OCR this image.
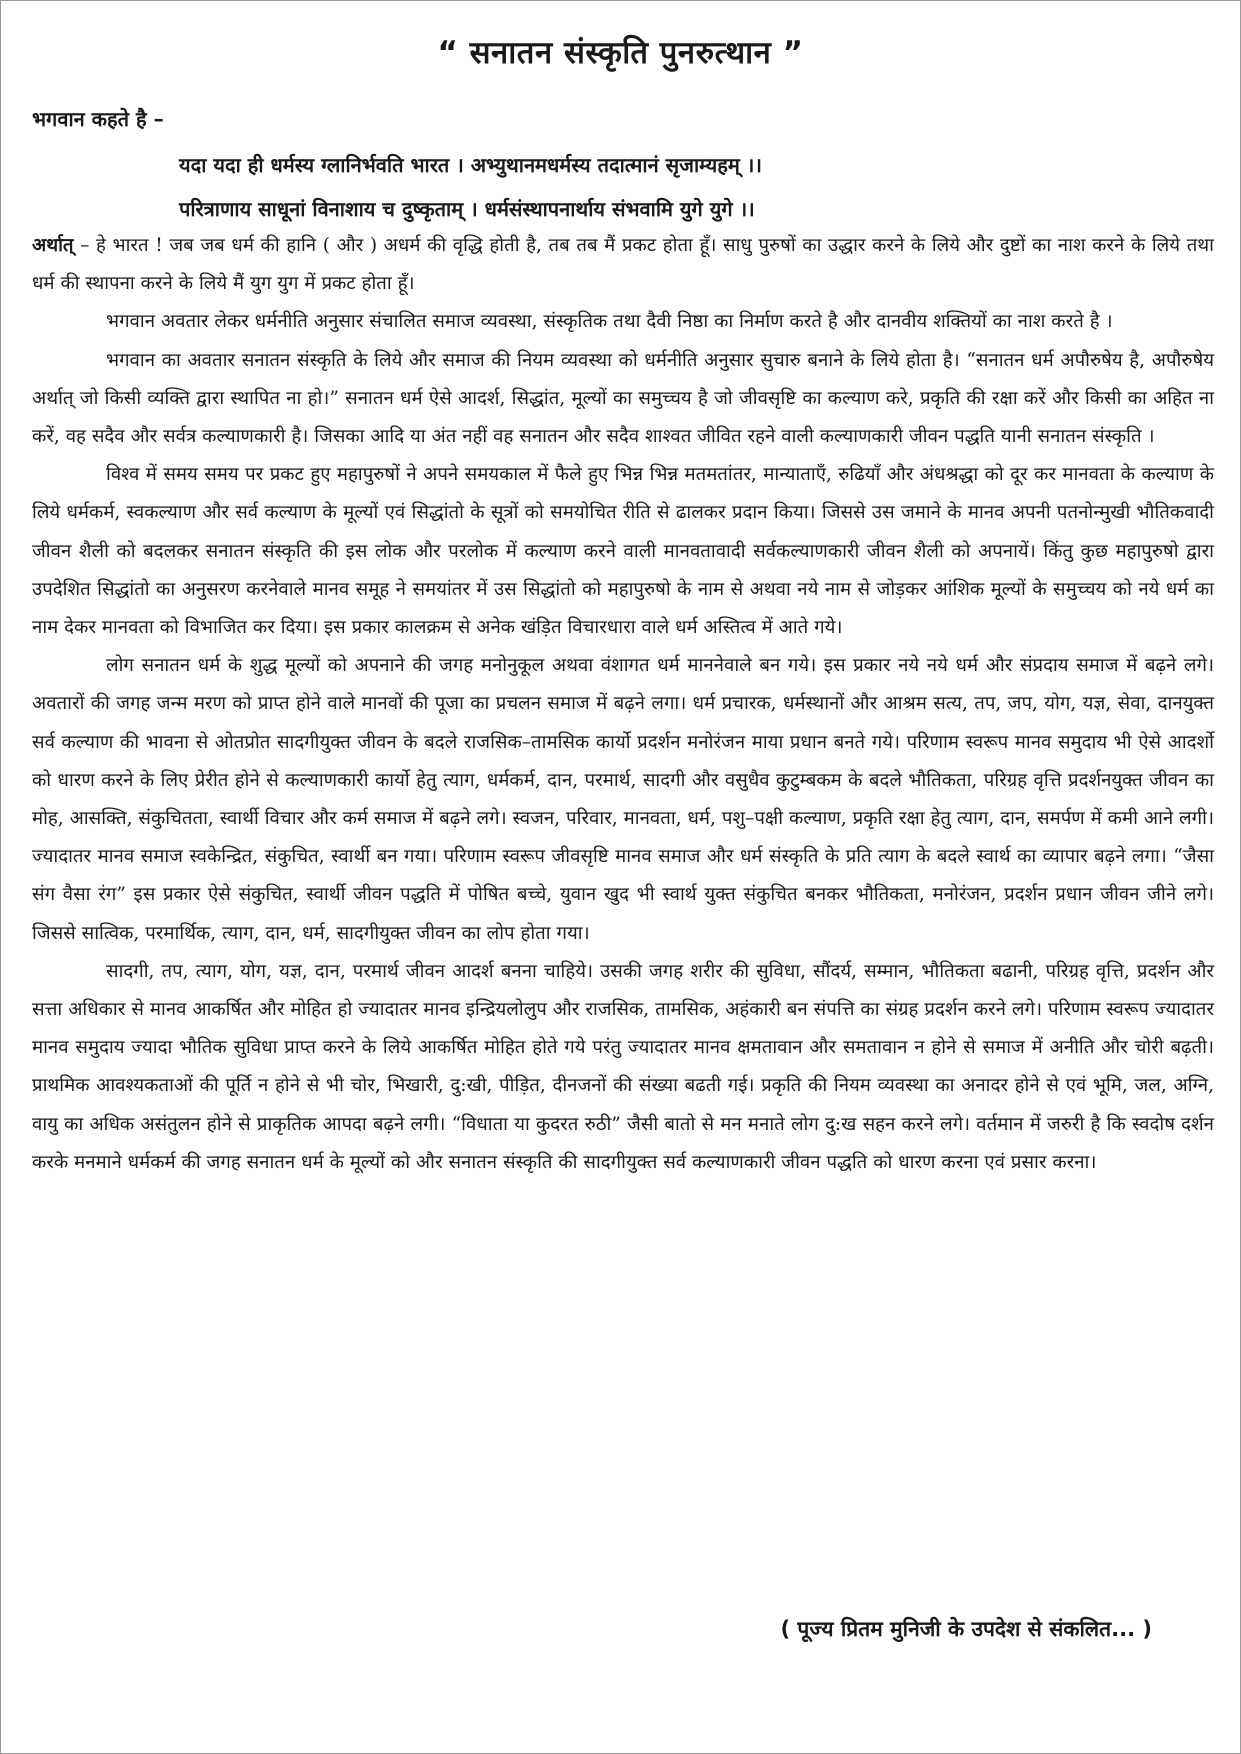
“ सनातन संस्कृति पुनरुत्थान ”
भगवान कहते है –
यदा यदा ही धर्मस्य ग्लानिर्भवति भारत । अभ्युथानमधर्मस्य तदात्मानं सृजाम्यहम् ।।
परित्राणाय साधूनां विनाशाय च दुष्कृताम् । धर्मसंस्थापनार्थाय संभवामि युगे युगे ।।

अर्थात् – हे भारत ! जब जब धर्म की हानि ( और ) अधर्म की वृद्धि होती है, तब तब मैं प्रकट होता हूँ। साधु पुरुषों का उद्धार करने के लिये और दुष्टों का नाश करने के लिये तथा धर्म की स्थापना करने के लिये मैं युग युग में प्रकट होता हूँ।

भगवान अवतार लेकर धर्मनीति अनुसार संचालित समाज व्यवस्था, संस्कृतिक तथा दैवी निष्ठा का निर्माण करते है और दानवीय शक्तियों का नाश करते है ।

भगवान का अवतार सनातन संस्कृति के लिये और समाज की नियम व्यवस्था को धर्मनीति अनुसार सुचारु बनाने के लिये होता है। “सनातन धर्म अपौरुषेय है, अपौरुषेय अर्थात् जो किसी व्यक्ति द्वारा स्थापित ना हो।” सनातन धर्म ऐसे आदर्श, सिद्धांत, मूल्यों का समुच्चय है जो जीवसृष्टि का कल्याण करे, प्रकृति की रक्षा करें और किसी का अहित ना करें, वह सदैव और सर्वत्र कल्याणकारी है। जिसका आदि या अंत नहीं वह सनातन और सदैव शाश्वत जीवित रहने वाली कल्याणकारी जीवन पद्धति यानी सनातन संस्कृति ।

विश्व में समय समय पर प्रकट हुए महापुरुषों ने अपने समयकाल में फैले हुए भिन्न भिन्न मतमतांतर, मान्याताएँ, रुढियाँ और अंधश्रद्धा को दूर कर मानवता के कल्याण के लिये धर्मकर्म, स्वकल्याण और सर्व कल्याण के मूल्यों एवं सिद्धांतो के सूत्रों को समयोचित रीति से ढालकर प्रदान किया। जिससे उस जमाने के मानव अपनी पतनोन्मुखी भौतिकवादी जीवन शैली को बदलकर सनातन संस्कृति की इस लोक और परलोक में कल्याण करने वाली मानवतावादी सर्वकल्याणकारी जीवन शैली को अपनायें। किंतु कुछ महापुरुषो द्वारा उपदेशित सिद्धांतो का अनुसरण करनेवाले मानव समूह ने समयांतर में उस सिद्धांतो को महापुरुषो के नाम से अथवा नये नाम से जोड़कर आंशिक मूल्यों के समुच्चय को नये धर्म का नाम देकर मानवता को विभाजित कर दिया। इस प्रकार कालक्रम से अनेक खंड़ित विचारधारा वाले धर्म अस्तित्व में आते गये।

लोग सनातन धर्म के शुद्ध मूल्यों को अपनाने की जगह मनोनुकूल अथवा वंशागत धर्म माननेवाले बन गये। इस प्रकार नये नये धर्म और संप्रदाय समाज में बढ़ने लगे। अवतारों की जगह जन्म मरण को प्राप्त होने वाले मानवों की पूजा का प्रचलन समाज में बढ़ने लगा। धर्म प्रचारक, धर्मस्थानों और आश्रम सत्य, तप, जप, योग, यज्ञ, सेवा, दानयुक्त सर्व कल्याण की भावना से ओतप्रोत सादगीयुक्त जीवन के बदले राजसिक–तामसिक कार्यो प्रदर्शन मनोरंजन माया प्रधान बनते गये। परिणाम स्वरूप मानव समुदाय भी ऐसे आदर्शो को धारण करने के लिए प्रेरीत होने से कल्याणकारी कार्यो हेतु त्याग, धर्मकर्म, दान, परमार्थ, सादगी और वसुधैव कुटुम्बकम के बदले भौतिकता, परिग्रह वृत्ति प्रदर्शनयुक्त जीवन का मोह, आसक्ति, संकुचितता, स्वार्थी विचार और कर्म समाज में बढ़ने लगे। स्वजन, परिवार, मानवता, धर्म, पशु–पक्षी कल्याण, प्रकृति रक्षा हेतु त्याग, दान, समर्पण में कमी आने लगी। ज्यादातर मानव समाज स्वकेन्द्रित, संकुचित, स्वार्थी बन गया। परिणाम स्वरूप जीवसृष्टि मानव समाज और धर्म संस्कृति के प्रति त्याग के बदले स्वार्थ का व्यापार बढ़ने लगा। “जैसा संग वैसा रंग” इस प्रकार ऐसे संकुचित, स्वार्थी जीवन पद्धति में पोषित बच्चे, युवान खुद भी स्वार्थ युक्त संकुचित बनकर भौतिकता, मनोरंजन, प्रदर्शन प्रधान जीवन जीने लगे। जिससे सात्विक, परमार्थिक, त्याग, दान, धर्म, सादगीयुक्त जीवन का लोप होता गया।

सादगी, तप, त्याग, योग, यज्ञ, दान, परमार्थ जीवन आदर्श बनना चाहिये। उसकी जगह शरीर की सुविधा, सौंदर्य, सम्मान, भौतिकता बढानी, परिग्रह वृत्ति, प्रदर्शन और सत्ता अधिकार से मानव आकर्षित और मोहित हो ज्यादातर मानव इन्द्रियलोलुप और राजसिक, तामसिक, अहंकारी बन संपत्ति का संग्रह प्रदर्शन करने लगे। परिणाम स्वरूप ज्यादातर मानव समुदाय ज्यादा भौतिक सुविधा प्राप्त करने के लिये आकर्षित मोहित होते गये परंतु ज्यादातर मानव क्षमतावान और समतावान न होने से समाज में अनीति और चोरी बढ़ती। प्राथमिक आवश्यकताओं की पूर्ति न होने से भी चोर, भिखारी, दु:खी, पीड़ित, दीनजनों की संख्या बढती गई। प्रकृति की नियम व्यवस्था का अनादर होने से एवं भूमि, जल, अग्नि, वायु का अधिक असंतुलन होने से प्राकृतिक आपदा बढ़ने लगी। “विधाता या कुदरत रुठी” जैसी बातो से मन मनाते लोग दु:ख सहन करने लगे। वर्तमान में जरुरी है कि स्वदोष दर्शन करके मनमाने धर्मकर्म की जगह सनातन धर्म के मूल्यों को और सनातन संस्कृति की सादगीयुक्त सर्व कल्याणकारी जीवन पद्धति को धारण करना एवं प्रसार करना।

( पूज्य प्रितम मुनिजी के उपदेश से संकलित... )
